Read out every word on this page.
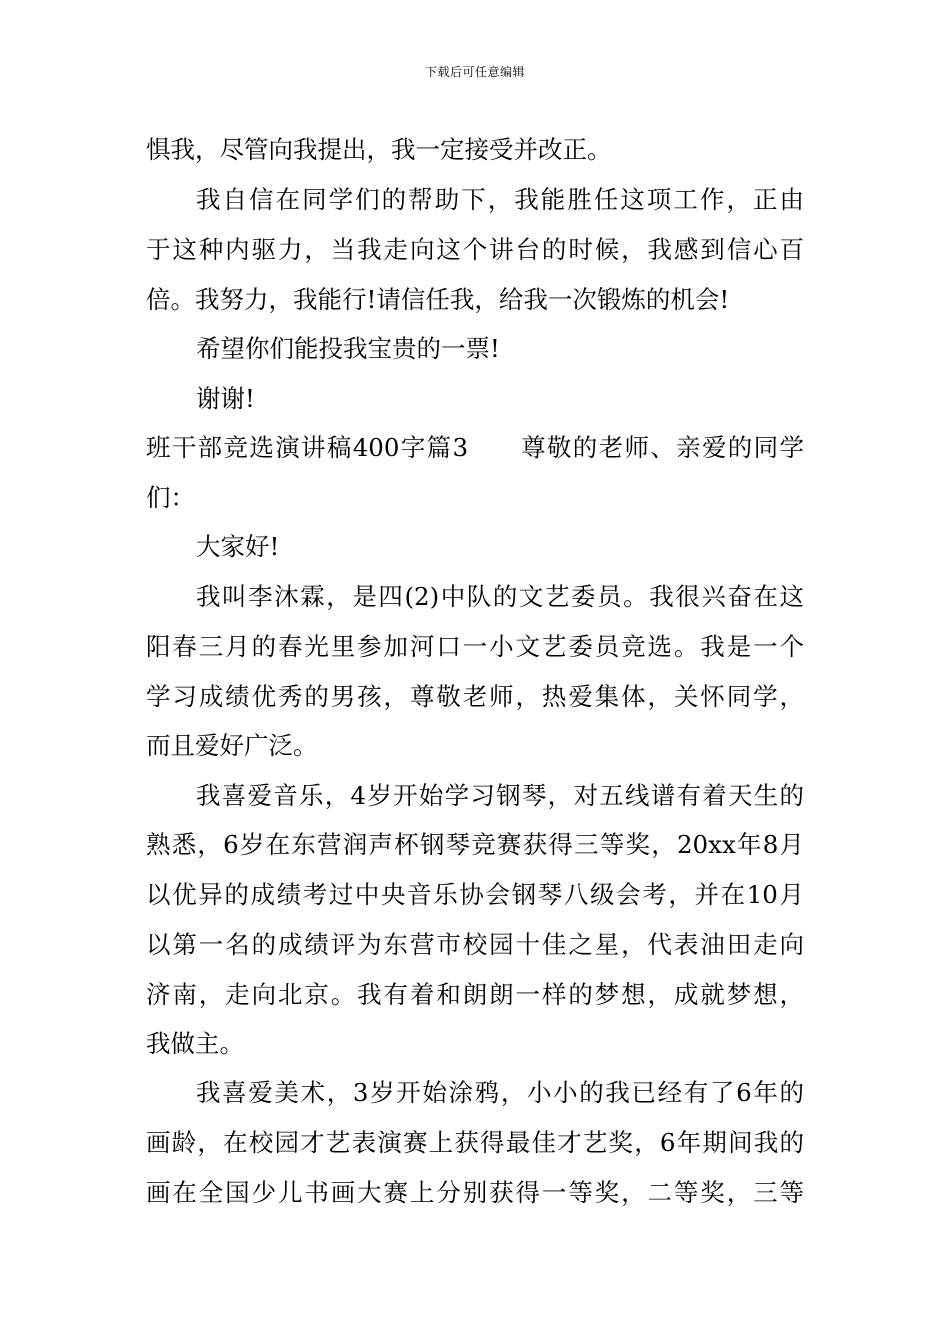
下载后可任意编辑
惧我，尽管向我提出，我一定接受并改正。
我自信在同学们的帮助下，我能胜任这项工作，正由
于这种内驱力，当我走向这个讲台的时候，我感到信心百
倍。我努力，我能行!请信任我，给我一次锻炼的机会!
希望你们能投我宝贵的一票!
谢谢!
班干部竞选演讲稿400字篇3　　尊敬的老师、亲爱的同学
们：
大家好!
我叫李沐霖，是四(2)中队的文艺委员。我很兴奋在这
阳春三月的春光里参加河口一小文艺委员竞选。我是一个
学习成绩优秀的男孩，尊敬老师，热爱集体，关怀同学，
而且爱好广泛。
我喜爱音乐，4岁开始学习钢琴，对五线谱有着天生的
熟悉，6岁在东营润声杯钢琴竞赛获得三等奖，20xx年8月
以优异的成绩考过中央音乐协会钢琴八级会考，并在10月
以第一名的成绩评为东营市校园十佳之星，代表油田走向
济南，走向北京。我有着和朗朗一样的梦想，成就梦想，
我做主。
我喜爱美术，3岁开始涂鸦，小小的我已经有了6年的
画龄，在校园才艺表演赛上获得最佳才艺奖，6年期间我的
画在全国少儿书画大赛上分别获得一等奖，二等奖，三等
